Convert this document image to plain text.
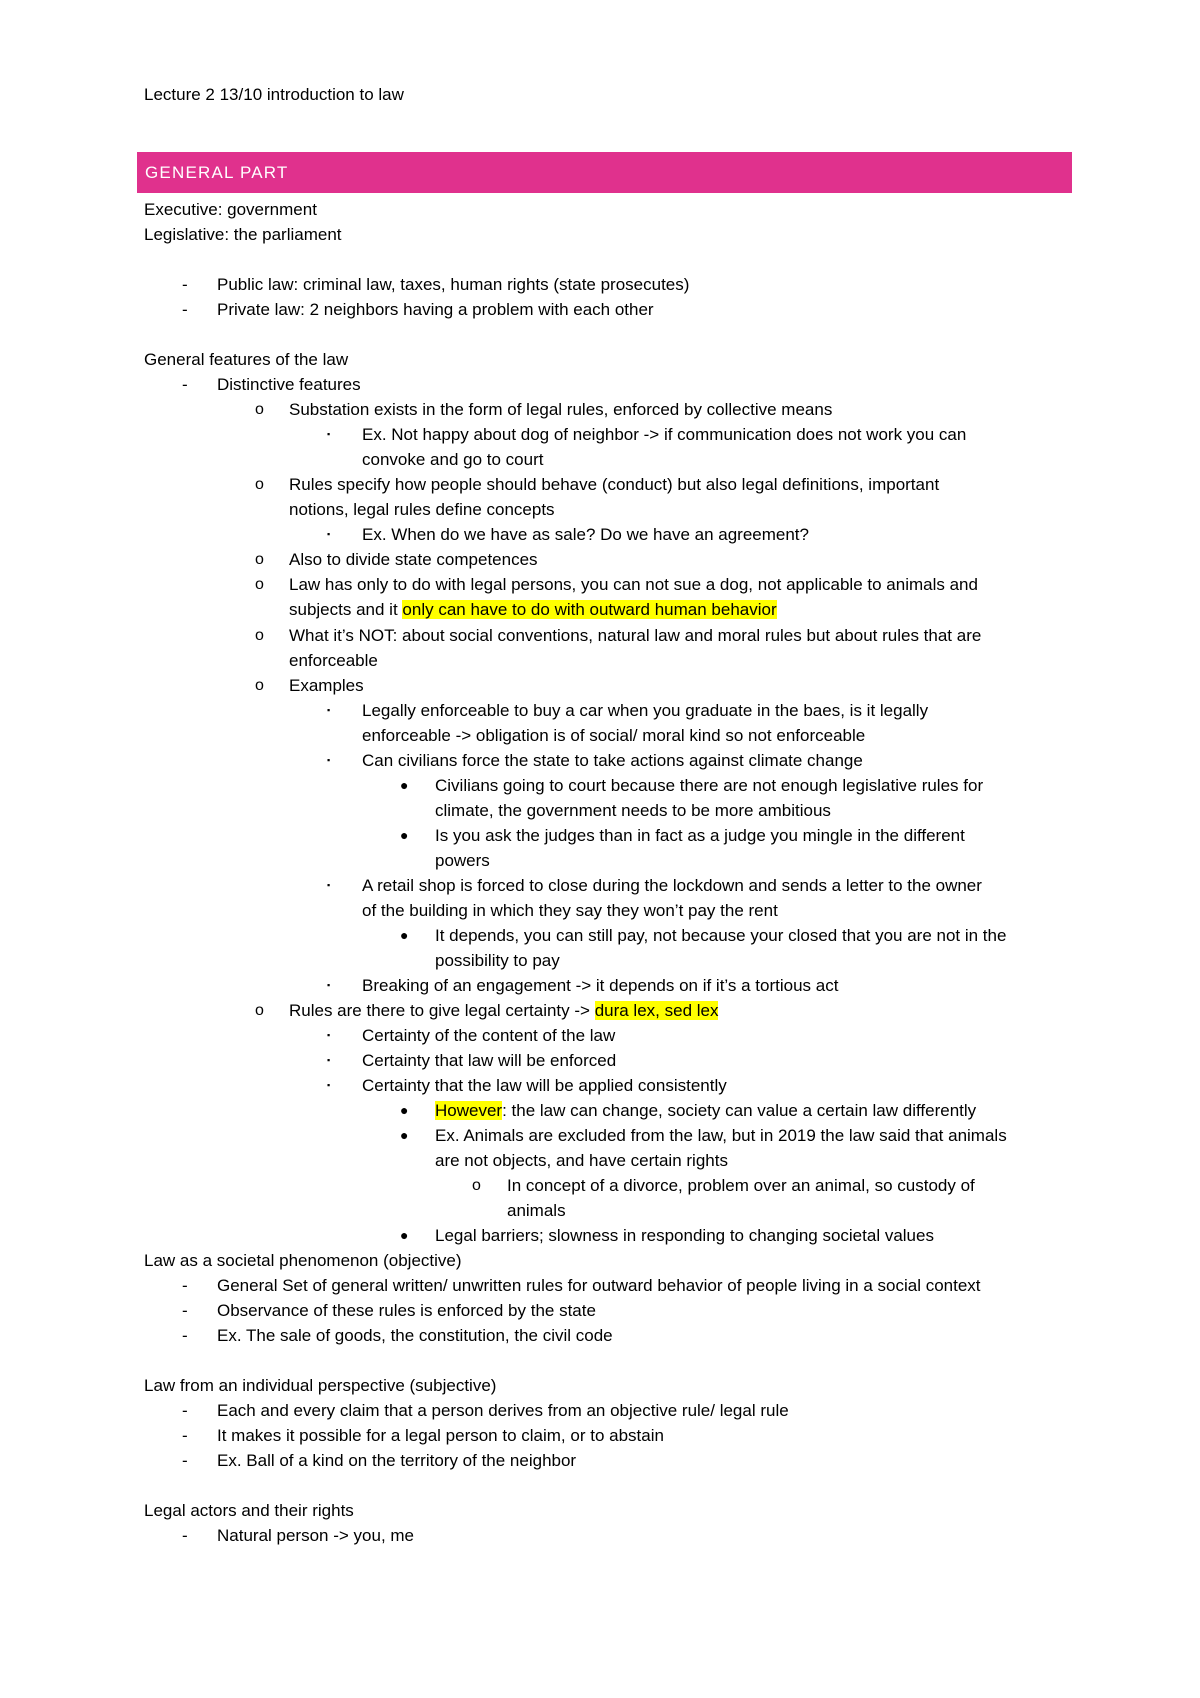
Lecture 2 13/10 introduction to law
GENERAL PART
Executive: government
Legislative: the parliament
- Public law: criminal law, taxes, human rights (state prosecutes)
- Private law: 2 neighbors having a problem with each other
General features of the law
- Distinctive features
o Substation exists in the form of legal rules, enforced by collective means
▪ Ex. Not happy about dog of neighbor -> if communication does not work you can
convoke and go to court
o Rules specify how people should behave (conduct) but also legal definitions, important
notions, legal rules define concepts
▪ Ex. When do we have as sale? Do we have an agreement?
o Also to divide state competences
o Law has only to do with legal persons, you can not sue a dog, not applicable to animals and
subjects and it only can have to do with outward human behavior
o What it’s NOT: about social conventions, natural law and moral rules but about rules that are
enforceable
o Examples
▪ Legally enforceable to buy a car when you graduate in the baes, is it legally
enforceable -> obligation is of social/ moral kind so not enforceable
▪ Can civilians force the state to take actions against climate change
● Civilians going to court because there are not enough legislative rules for
climate, the government needs to be more ambitious
● Is you ask the judges than in fact as a judge you mingle in the different
powers
▪ A retail shop is forced to close during the lockdown and sends a letter to the owner
of the building in which they say they won’t pay the rent
● It depends, you can still pay, not because your closed that you are not in the
possibility to pay
▪ Breaking of an engagement -> it depends on if it’s a tortious act
o Rules are there to give legal certainty -> dura lex, sed lex
▪ Certainty of the content of the law
▪ Certainty that law will be enforced
▪ Certainty that the law will be applied consistently
● However: the law can change, society can value a certain law differently
● Ex. Animals are excluded from the law, but in 2019 the law said that animals
are not objects, and have certain rights
o In concept of a divorce, problem over an animal, so custody of
animals
● Legal barriers; slowness in responding to changing societal values
Law as a societal phenomenon (objective)
- General Set of general written/ unwritten rules for outward behavior of people living in a social context
- Observance of these rules is enforced by the state
- Ex. The sale of goods, the constitution, the civil code
Law from an individual perspective (subjective)
- Each and every claim that a person derives from an objective rule/ legal rule
- It makes it possible for a legal person to claim, or to abstain
- Ex. Ball of a kind on the territory of the neighbor
Legal actors and their rights
- Natural person -> you, me
